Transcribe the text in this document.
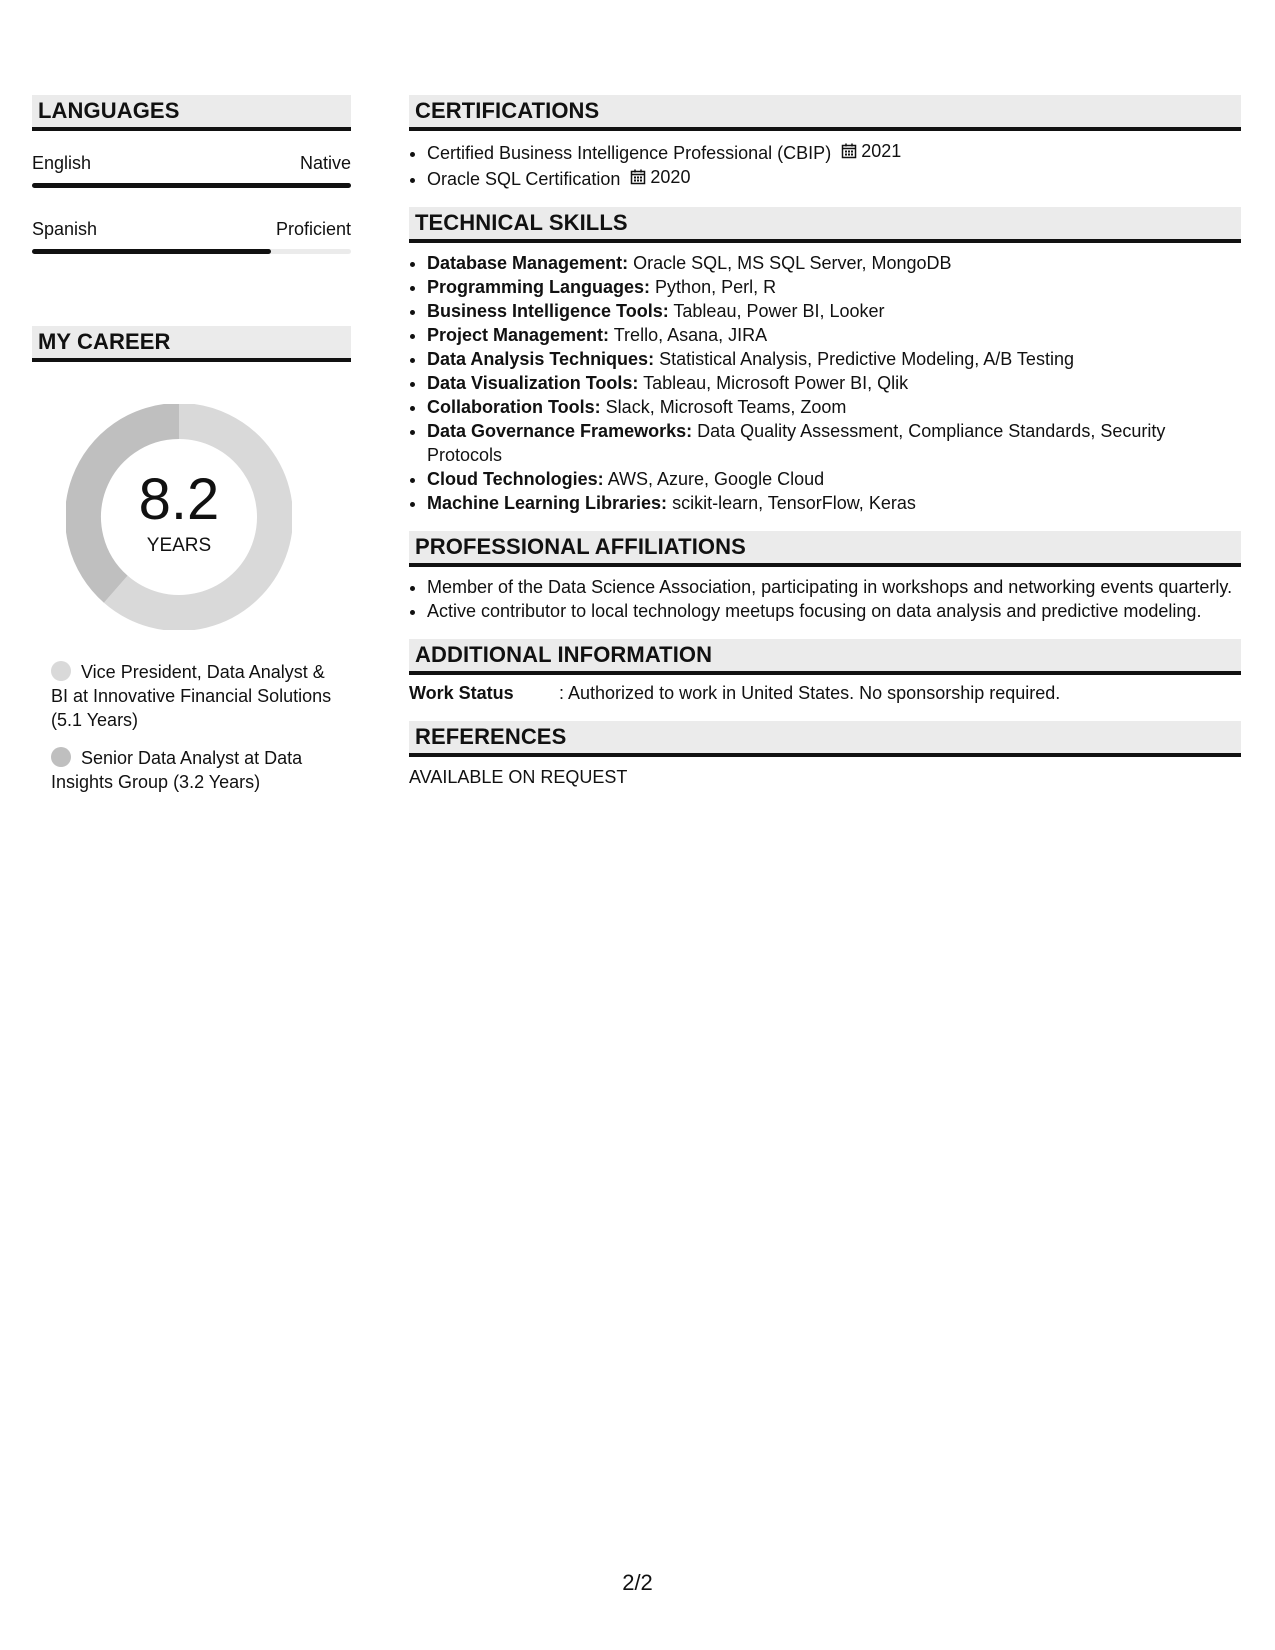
LANGUAGES
English	Native
Spanish	Proficient
MY CAREER
8.2
YEARS
Vice President, Data Analyst & BI at Innovative Financial Solutions (5.1 Years)
Senior Data Analyst at Data Insights Group (3.2 Years)
CERTIFICATIONS
• Certified Business Intelligence Professional (CBIP) 2021
• Oracle SQL Certification 2020
TECHNICAL SKILLS
• Database Management: Oracle SQL, MS SQL Server, MongoDB
• Programming Languages: Python, Perl, R
• Business Intelligence Tools: Tableau, Power BI, Looker
• Project Management: Trello, Asana, JIRA
• Data Analysis Techniques: Statistical Analysis, Predictive Modeling, A/B Testing
• Data Visualization Tools: Tableau, Microsoft Power BI, Qlik
• Collaboration Tools: Slack, Microsoft Teams, Zoom
• Data Governance Frameworks: Data Quality Assessment, Compliance Standards, Security Protocols
• Cloud Technologies: AWS, Azure, Google Cloud
• Machine Learning Libraries: scikit-learn, TensorFlow, Keras
PROFESSIONAL AFFILIATIONS
• Member of the Data Science Association, participating in workshops and networking events quarterly.
• Active contributor to local technology meetups focusing on data analysis and predictive modeling.
ADDITIONAL INFORMATION
Work Status	: Authorized to work in United States. No sponsorship required.
REFERENCES
AVAILABLE ON REQUEST
2/2
